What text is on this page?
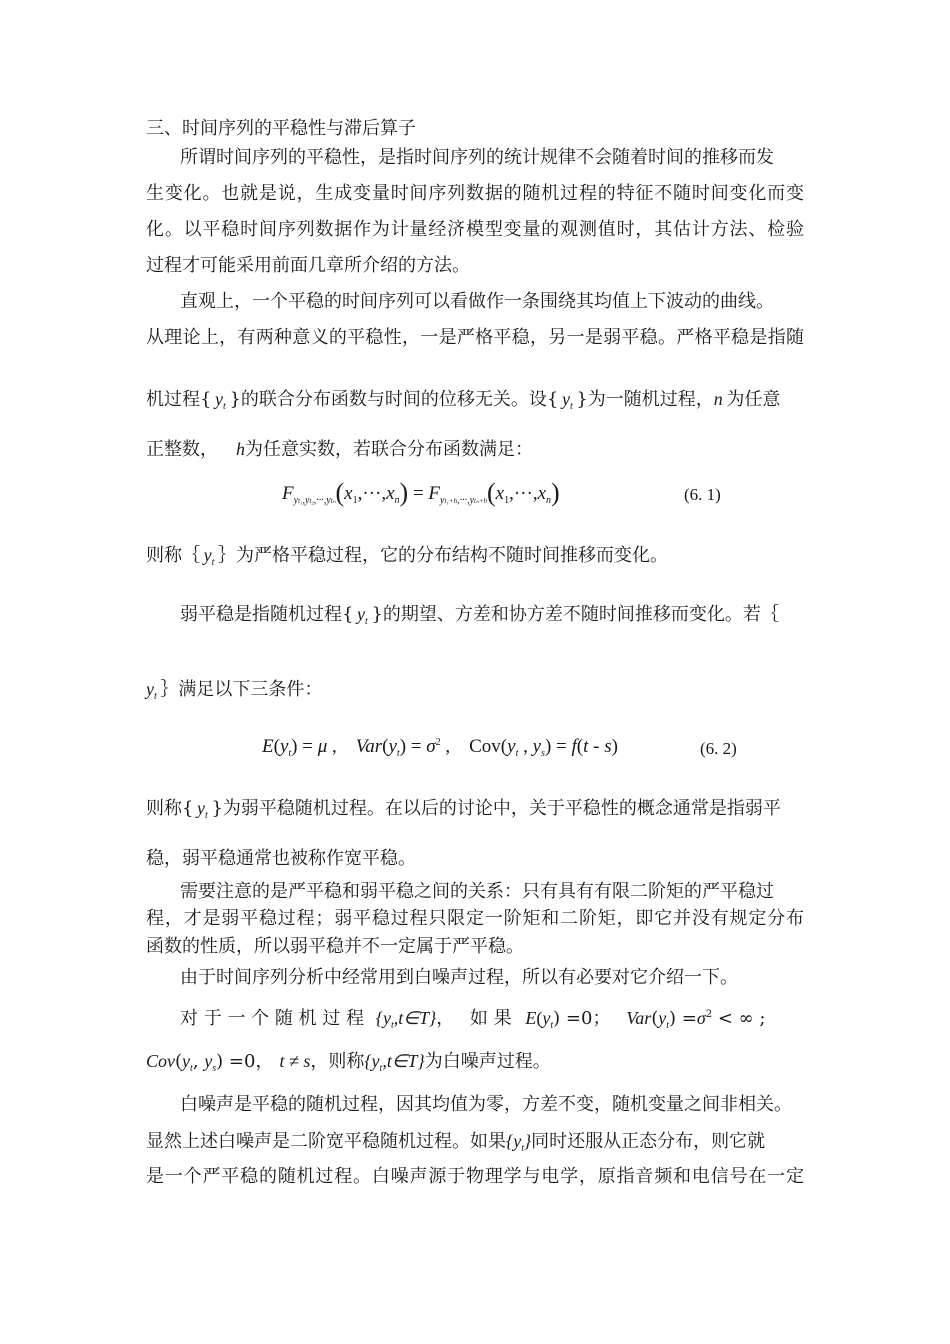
三、时间序列的平稳性与滞后算子
所谓时间序列的平稳性，是指时间序列的统计规律不会随着时间的推移而发
生变化。也就是说，生成变量时间序列数据的随机过程的特征不随时间变化而变
化。以平稳时间序列数据作为计量经济模型变量的观测值时，其估计方法、检验
过程才可能采用前面几章所介绍的方法。
直观上，一个平稳的时间序列可以看做作一条围绕其均值上下波动的曲线。
从理论上，有两种意义的平稳性，一是严格平稳，另一是弱平稳。严格平稳是指随
机过程{ $y_t$  }的联合分布函数与时间的位移无关。设{ $y_t$  }为一随机过程，n 为任意
正整数， h为任意实数，若联合分布函数满足：
$F_{yt_1,yt_2,\cdot\cdot\cdot,yt_n}(x_1,\cdot\cdot\cdot,x_n) = F_{yt_1+h,\cdot\cdot\cdot,yt_n+h}(x_1,\cdot\cdot\cdot,x_n)$	(6. 1)
则称｛ $y_t$  ｝为严格平稳过程，它的分布结构不随时间推移而变化。
弱平稳是指随机过程{ $y_t$  }的期望、方差和协方差不随时间推移而变化。若｛
$y_t$  ｝满足以下三条件：
$E(y_t) = \mu$ , $Var(y_t) = \sigma^2$ , $Cov(y_t$ , $y_s) = f(t - s)$	(6. 2)
则称{ $y_t$  }为弱平稳随机过程。在以后的讨论中，关于平稳性的概念通常是指弱平
稳，弱平稳通常也被称作宽平稳。
需要注意的是严平稳和弱平稳之间的关系：只有具有有限二阶矩的严平稳过
程，才是弱平稳过程；弱平稳过程只限定一阶矩和二阶矩，即它并没有规定分布
函数的性质，所以弱平稳并不一定属于严平稳。
由于时间序列分析中经常用到白噪声过程，所以有必要对它介绍一下。
对 于 一 个 随 机 过 程 $\{y_t,t\in T\}$， 如 果 $E(y_t) =0$； $Var(y_t) =\sigma^2$ < ∞ ;
$Cov(y_t$, $y_s) =0$， t ≠ s，则称$\{y_t,t\in T\}$为白噪声过程。
白噪声是平稳的随机过程，因其均值为零，方差不变，随机变量之间非相关。
显然上述白噪声是二阶宽平稳随机过程。如果$\{y_t\}$同时还服从正态分布，则它就
是一个严平稳的随机过程。白噪声源于物理学与电学，原指音频和电信号在一定
